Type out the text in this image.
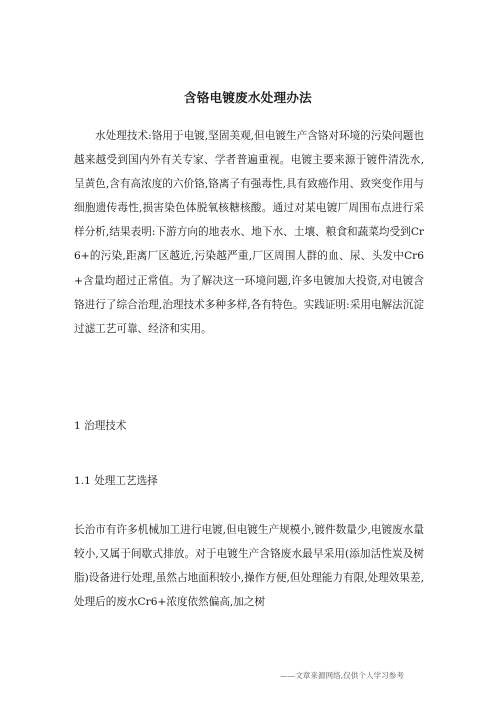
含铬电镀废水处理办法
水处理技术:铬用于电镀,坚固美观,但电镀生产含铬对环境的污染问题也越来越受到国内外有关专家、学者普遍重视。电镀主要来源于镀件清洗水,呈黄色,含有高浓度的六价铬,铬离子有强毒性,具有致癌作用、致突变作用与细胞遗传毒性,损害染色体脱氧核糖核酸。通过对某电镀厂周围布点进行采样分析,结果表明:下游方向的地表水、地下水、土壤、粮食和蔬菜均受到Cr6+的污染,距离厂区越近,污染越严重,厂区周围人群的血、尿、头发中Cr6+含量均超过正常值。为了解决这一环境问题,许多电镀加大投资,对电镀含铬进行了综合治理,治理技术多种多样,各有特色。实践证明:采用电解法沉淀过滤工艺可靠、经济和实用。
1 治理技术
1.1 处理工艺选择
长治市有许多机械加工进行电镀,但电镀生产规模小,镀件数量少,电镀废水量较小,又属于间歇式排放。对于电镀生产含铬废水最早采用(添加活性炭及树脂)设备进行处理,虽然占地面积较小,操作方便,但处理能力有限,处理效果差,处理后的废水Cr6+浓度依然偏高,加之树
——文章来源网络,仅供个人学习参考
